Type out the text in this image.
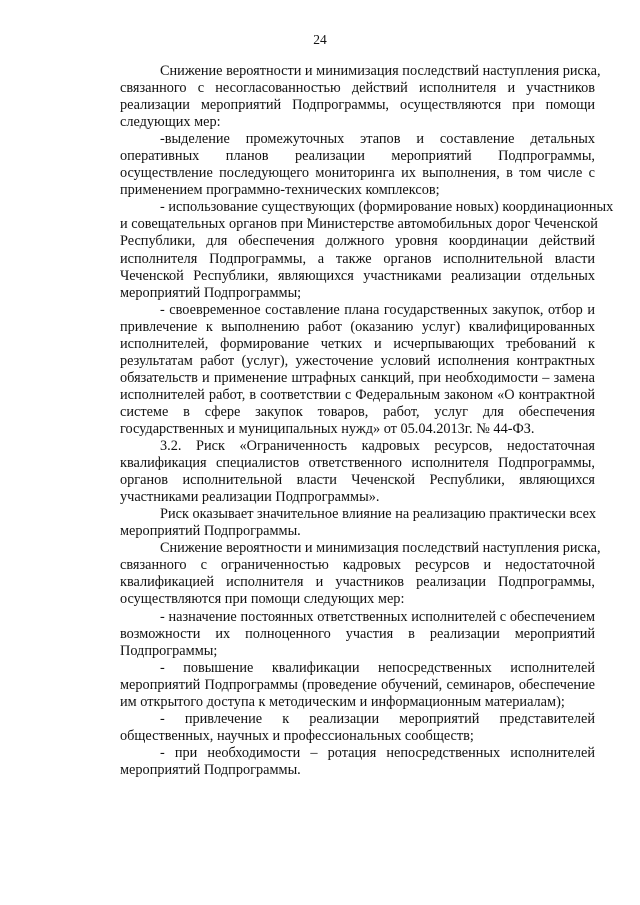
24
Снижение вероятности и минимизация последствий наступления риска,
связанного с несогласованностью действий исполнителя и участников
реализации мероприятий Подпрограммы, осуществляются при помощи
следующих мер:
-выделение промежуточных этапов и составление детальных
оперативных планов реализации мероприятий Подпрограммы,
осуществление последующего мониторинга их выполнения, в том числе с
применением программно-технических комплексов;
- использование существующих (формирование новых) координационных
и совещательных органов при Министерстве автомобильных дорог Чеченской
Республики, для обеспечения должного уровня координации действий
исполнителя Подпрограммы, а также органов исполнительной власти
Чеченской Республики, являющихся участниками реализации отдельных
мероприятий Подпрограммы;
- своевременное составление плана государственных закупок, отбор и
привлечение к выполнению работ (оказанию услуг) квалифицированных
исполнителей, формирование четких и исчерпывающих требований к
результатам работ (услуг), ужесточение условий исполнения контрактных
обязательств и применение штрафных санкций, при необходимости – замена
исполнителей работ, в соответствии с Федеральным законом «О контрактной
системе в сфере закупок товаров, работ, услуг для обеспечения
государственных и муниципальных нужд» от 05.04.2013г. № 44-ФЗ.
3.2. Риск «Ограниченность кадровых ресурсов, недостаточная
квалификация специалистов ответственного исполнителя Подпрограммы,
органов исполнительной власти Чеченской Республики, являющихся
участниками реализации Подпрограммы».
Риск оказывает значительное влияние на реализацию практически всех
мероприятий Подпрограммы.
Снижение вероятности и минимизация последствий наступления риска,
связанного с ограниченностью кадровых ресурсов и недостаточной
квалификацией исполнителя и участников реализации Подпрограммы,
осуществляются при помощи следующих мер:
- назначение постоянных ответственных исполнителей с обеспечением
возможности их полноценного участия в реализации мероприятий
Подпрограммы;
- повышение квалификации непосредственных исполнителей
мероприятий Подпрограммы (проведение обучений, семинаров, обеспечение
им открытого доступа к методическим и информационным материалам);
- привлечение к реализации мероприятий представителей
общественных, научных и профессиональных сообществ;
- при необходимости – ротация непосредственных исполнителей
мероприятий Подпрограммы.
